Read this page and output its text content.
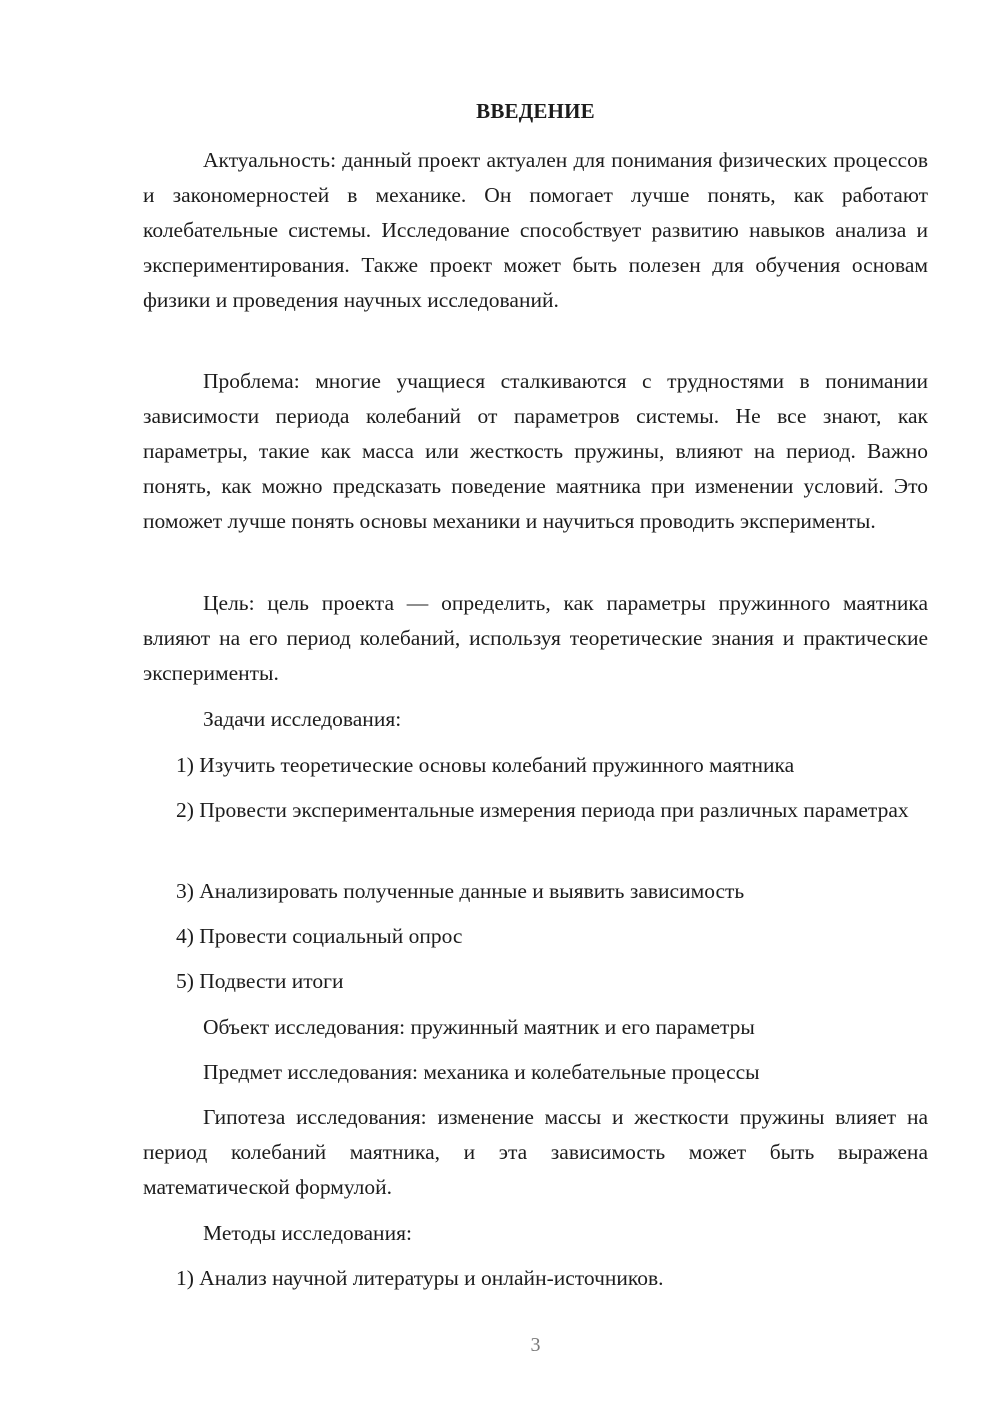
ВВЕДЕНИЕ

Актуальность: данный проект актуален для понимания физических процессов и закономерностей в механике. Он помогает лучше понять, как работают колебательные системы. Исследование способствует развитию навыков анализа и экспериментирования. Также проект может быть полезен для обучения основам физики и проведения научных исследований.

Проблема: многие учащиеся сталкиваются с трудностями в понимании зависимости периода колебаний от параметров системы. Не все знают, как параметры, такие как масса или жесткость пружины, влияют на период. Важно понять, как можно предсказать поведение маятника при изменении условий. Это поможет лучше понять основы механики и научиться проводить эксперименты.

Цель: цель проекта — определить, как параметры пружинного маятника влияют на его период колебаний, используя теоретические знания и практические эксперименты.

Задачи исследования:

1) Изучить теоретические основы колебаний пружинного маятника

2) Провести экспериментальные измерения периода при различных параметрах

3) Анализировать полученные данные и выявить зависимость

4) Провести социальный опрос

5) Подвести итоги

Объект исследования: пружинный маятник и его параметры

Предмет исследования: механика и колебательные процессы

Гипотеза исследования: изменение массы и жесткости пружины влияет на период колебаний маятника, и эта зависимость может быть выражена математической формулой.

Методы исследования:

1) Анализ научной литературы и онлайн-источников.

3
